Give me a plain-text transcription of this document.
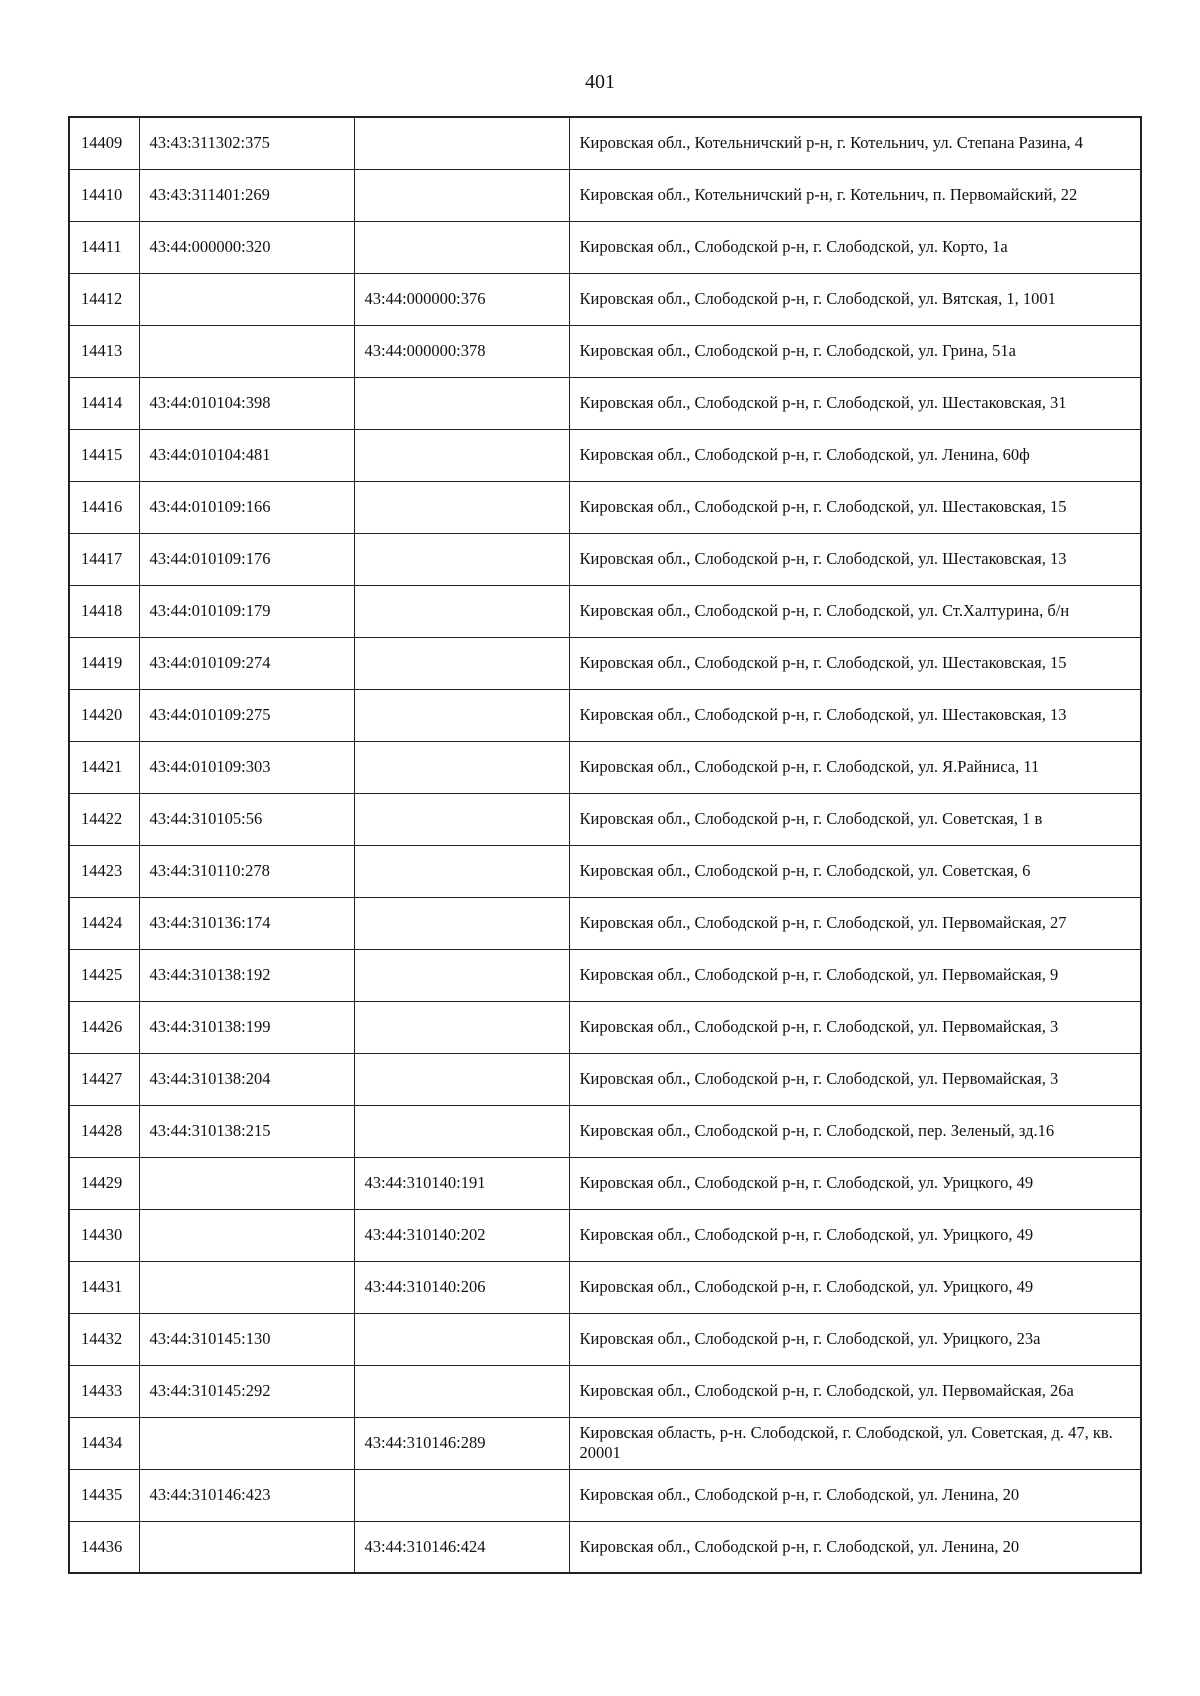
401
14409	43:43:311302:375		Кировская обл., Котельничский р-н, г. Котельнич, ул. Степана Разина, 4
14410	43:43:311401:269		Кировская обл., Котельничский р-н, г. Котельнич, п. Первомайский, 22
14411	43:44:000000:320		Кировская обл., Слободской р-н, г. Слободской, ул. Корто, 1а
14412		43:44:000000:376	Кировская обл., Слободской р-н, г. Слободской, ул. Вятская, 1, 1001
14413		43:44:000000:378	Кировская обл., Слободской р-н, г. Слободской, ул. Грина, 51а
14414	43:44:010104:398		Кировская обл., Слободской р-н, г. Слободской, ул. Шестаковская, 31
14415	43:44:010104:481		Кировская обл., Слободской р-н, г. Слободской, ул. Ленина, 60ф
14416	43:44:010109:166		Кировская обл., Слободской р-н, г. Слободской, ул. Шестаковская, 15
14417	43:44:010109:176		Кировская обл., Слободской р-н, г. Слободской, ул. Шестаковская, 13
14418	43:44:010109:179		Кировская обл., Слободской р-н, г. Слободской, ул. Ст.Халтурина, б/н
14419	43:44:010109:274		Кировская обл., Слободской р-н, г. Слободской, ул. Шестаковская, 15
14420	43:44:010109:275		Кировская обл., Слободской р-н, г. Слободской, ул. Шестаковская, 13
14421	43:44:010109:303		Кировская обл., Слободской р-н, г. Слободской, ул. Я.Райниса, 11
14422	43:44:310105:56		Кировская обл., Слободской р-н, г. Слободской, ул. Советская, 1 в
14423	43:44:310110:278		Кировская обл., Слободской р-н, г. Слободской, ул. Советская, 6
14424	43:44:310136:174		Кировская обл., Слободской р-н, г. Слободской, ул. Первомайская, 27
14425	43:44:310138:192		Кировская обл., Слободской р-н, г. Слободской, ул. Первомайская, 9
14426	43:44:310138:199		Кировская обл., Слободской р-н, г. Слободской, ул. Первомайская, 3
14427	43:44:310138:204		Кировская обл., Слободской р-н, г. Слободской, ул. Первомайская, 3
14428	43:44:310138:215		Кировская обл., Слободской р-н, г. Слободской, пер. Зеленый, зд.16
14429		43:44:310140:191	Кировская обл., Слободской р-н, г. Слободской, ул. Урицкого, 49
14430		43:44:310140:202	Кировская обл., Слободской р-н, г. Слободской, ул. Урицкого, 49
14431		43:44:310140:206	Кировская обл., Слободской р-н, г. Слободской, ул. Урицкого, 49
14432	43:44:310145:130		Кировская обл., Слободской р-н, г. Слободской, ул. Урицкого, 23а
14433	43:44:310145:292		Кировская обл., Слободской р-н, г. Слободской, ул. Первомайская, 26а
14434		43:44:310146:289	Кировская область, р-н. Слободской, г. Слободской, ул. Советская, д. 47, кв. 20001
14435	43:44:310146:423		Кировская обл., Слободской р-н, г. Слободской, ул. Ленина, 20
14436		43:44:310146:424	Кировская обл., Слободской р-н, г. Слободской, ул. Ленина, 20
